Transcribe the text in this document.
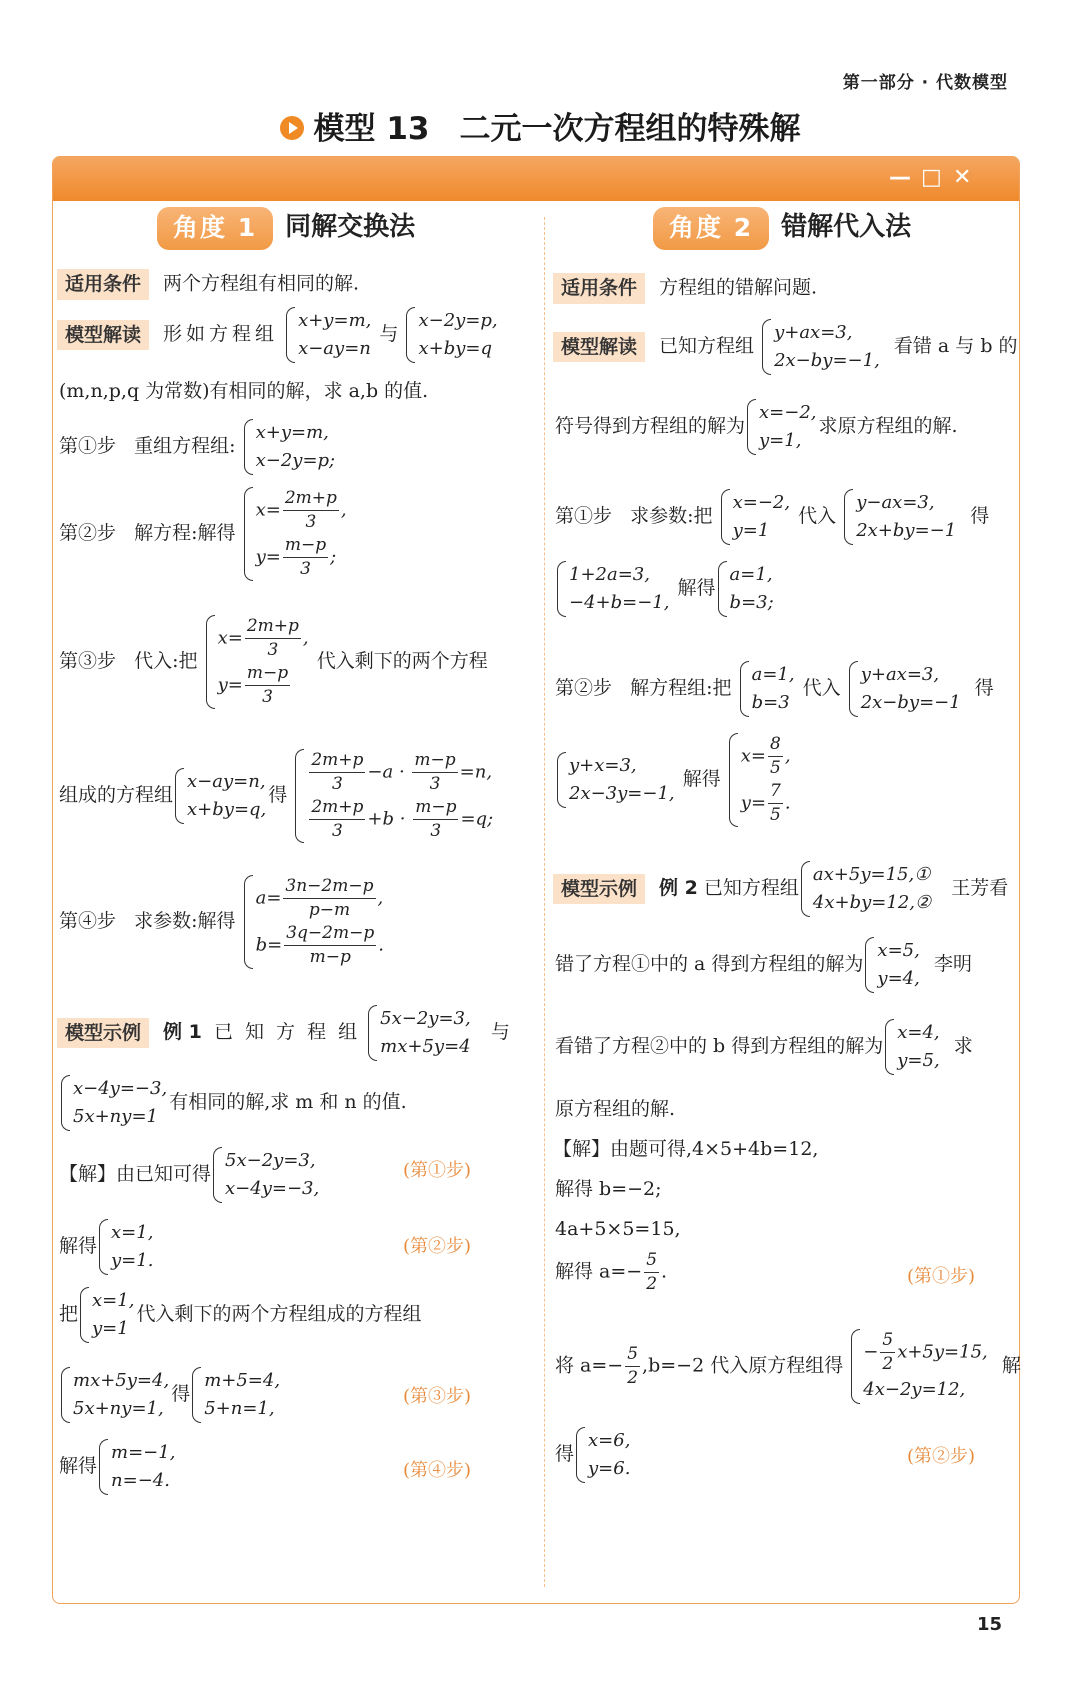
第一部分 · 代数模型
模型 13 二元一次方程组的特殊解
— □ ✕
角度 1	同解交换法
适用条件 两个方程组有相同的解.
模型解读 形如方程组
x+y=m,
x−ay=n
与
x−2y=p,
x+by=q
(m,n,p,q 为常数)有相同的解，求 a,b 的值.
第①步 重组方程组:
x+y=m,
x−2y=p;
第②步 解方程:解得
$x= \frac{2m+p}{3}$ ,
$y= \frac{m-p}{3}$ ;
第③步 代入:把
$x= \frac{2m+p}{3}$ ,
$y= \frac{m-p}{3}$
代入剩下的两个方程
组成的方程组
x−ay=n,
x+by=q,
得 $\frac{2m+p}{3} -a \cdot \frac{m-p}{3} =n$,
$\frac{2m+p}{3} +b \cdot \frac{m-p}{3} =q$;
第④步 求参数:解得
$a= \frac{3n-2m-p}{p-m}$ ,
$b= \frac{3q-2m-p}{m-p}$ .
模型示例 例 1 已 知 方 程 组
5x−2y=3,
mx+5y=4
与
x−4y=−3,
5x+ny=1
有相同的解,求 m 和 n 的值.
【解】由已知可得
5x−2y=3,
x−4y=−3,
(第①步)
解得
x=1,
y=1.
(第②步)
把
x=1,
y=1
代入剩下的两个方程组成的方程组
mx+5y=4,
5x+ny=1,
得
m+5=4,
5+n=1,
(第③步)
解得
m=−1,
n=−4.	(第④步)
角度 2	错解代入法
适用条件 方程组的错解问题.
模型解读 已知方程组
y+ax=3,
2x−by=−1,
看错 a 与 b 的
符号得到方程组的解为
x=−2,
y=1,
求原方程组的解.
第①步 求参数:把
x=−2,
y=1
代入
y−ax=3,
2x+by=−1
得
1+2a=3,
−4+b=−1,
解得
a=1,
b=3;
第②步 解方程组:把
a=1,
b=3
代入
y+ax=3,
2x−by=−1
得
y+x=3,
2x−3y=−1,
解得
$x= \frac{8}{5}$ ,
$y= \frac{7}{5}$ .
模型示例 例 2 已知方程组
ax+5y=15,①
4x+by=12,②
王芳看
错了方程①中的 a 得到方程组的解为
x=5,
y=4,
李明
看错了方程②中的 b 得到方程组的解为
x=4,
y=5,
求
原方程组的解.
【解】由题可得,4×5+4b=12,
解得 b=−2;
4a+5×5=15,
解得 $a=- \frac{5}{2}$ .	(第①步)
将 $a=- \frac{5}{2} ,b=-2$ 代入原方程组得
− $\frac{5}{2} x+5y=15$,
4x−2y=12,
解
得
x=6,
y=6.
(第②步)
15
